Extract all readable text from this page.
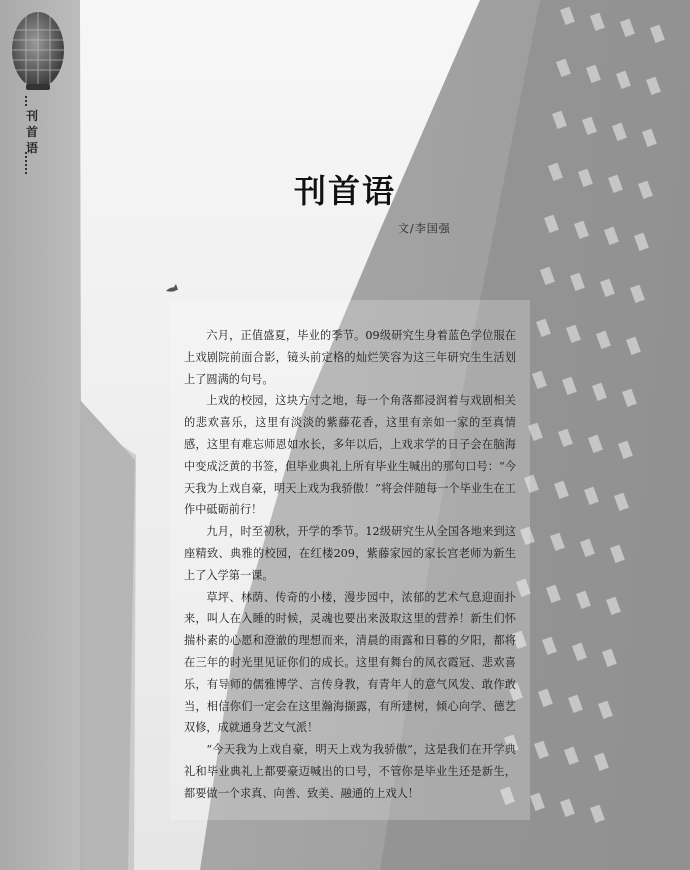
刊首语
刊首语
文/李国强

六月，正值盛夏，毕业的季节。09级研究生身着蓝色学位服在上戏剧院前面合影，镜头前定格的灿烂笑容为这三年研究生生活划上了圆满的句号。

上戏的校园，这块方寸之地，每一个角落都浸润着与戏剧相关的悲欢喜乐，这里有淡淡的紫藤花香，这里有亲如一家的至真情感，这里有难忘师恩如水长，多年以后，上戏求学的日子会在脑海中变成泛黄的书签，但毕业典礼上所有毕业生喊出的那句口号：“今天我为上戏自豪，明天上戏为我骄傲！”将会伴随每一个毕业生在工作中砥砺前行！

九月，时至初秋，开学的季节。12级研究生从全国各地来到这座精致、典雅的校园，在红楼209，紫藤家园的家长宫老师为新生上了入学第一课。

草坪、林荫、传奇的小楼，漫步园中，浓郁的艺术气息迎面扑来，叫人在入睡的时候，灵魂也要出来汲取这里的营养！新生们怀揣朴素的心愿和澄澈的理想而来，清晨的雨露和日暮的夕阳，都将在三年的时光里见证你们的成长。这里有舞台的凤衣霞冠、悲欢喜乐，有导师的儒雅博学、言传身教，有青年人的意气风发、敢作敢当，相信你们一定会在这里瀚海撷露，有所建树，倾心向学、德艺双修，成就通身艺文气派！

“今天我为上戏自豪，明天上戏为我骄傲”，这是我们在开学典礼和毕业典礼上都要豪迈喊出的口号，不管你是毕业生还是新生，都要做一个求真、向善、致美、融通的上戏人！
